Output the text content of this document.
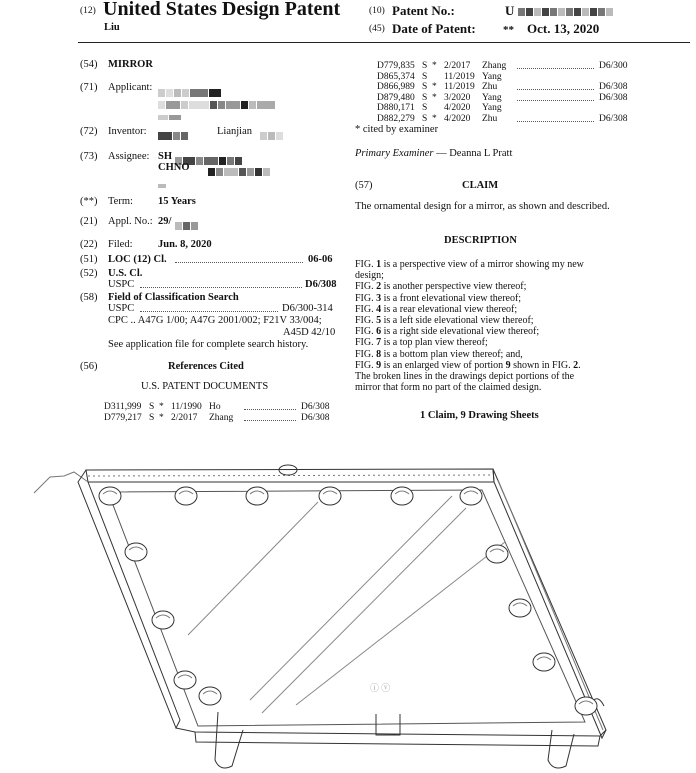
(12) United States Design Patent
Liu
(10) Patent No.:	U
(45) Date of Patent: ** Oct. 13, 2020
(54) MIRROR
(71) Applicant:
(72) Inventor:	Lianjian
(73) Assignee: SH
CHNO
(**) Term: 15 Years
(21) Appl. No.: 29/
(22) Filed: Jun. 8, 2020
(51) LOC (12) Cl.	06-06
(52) U.S. Cl.
USPC	D6/308
(58) Field of Classification Search
USPC	D6/300-314
CPC .. A47G 1/00; A47G 2001/002; F21V 33/004;
A45D 42/10
See application file for complete search history.
(56)	References Cited
U.S. PATENT DOCUMENTS
D311,999 S * 11/1990 Ho	D6/308
D779,217 S * 2/2017 Zhang	D6/308
D779,835 S * 2/2017 Zhang	D6/300
D865,374 S 11/2019 Yang
D866,989 S * 11/2019 Zhu	D6/308
D879,480 S * 3/2020 Yang	D6/308
D880,171 S 4/2020 Yang
D882,279 S * 4/2020 Zhu	D6/308
* cited by examiner
Primary Examiner — Deanna L Pratt
(57)	CLAIM
The ornamental design for a mirror, as shown and described.
DESCRIPTION
FIG. 1 is a perspective view of a mirror showing my new
design;
FIG. 2 is another perspective view thereof;
FIG. 3 is a front elevational view thereof;
FIG. 4 is a rear elevational view thereof;
FIG. 5 is a left side elevational view thereof;
FIG. 6 is a right side elevational view thereof;
FIG. 7 is a top plan view thereof;
FIG. 8 is a bottom plan view thereof; and,
FIG. 9 is an enlarged view of portion 9 shown in FIG. 2.
The broken lines in the drawings depict portions of the
mirror that form no part of the claimed design.
1 Claim, 9 Drawing Sheets
ⓘ ⓥ
